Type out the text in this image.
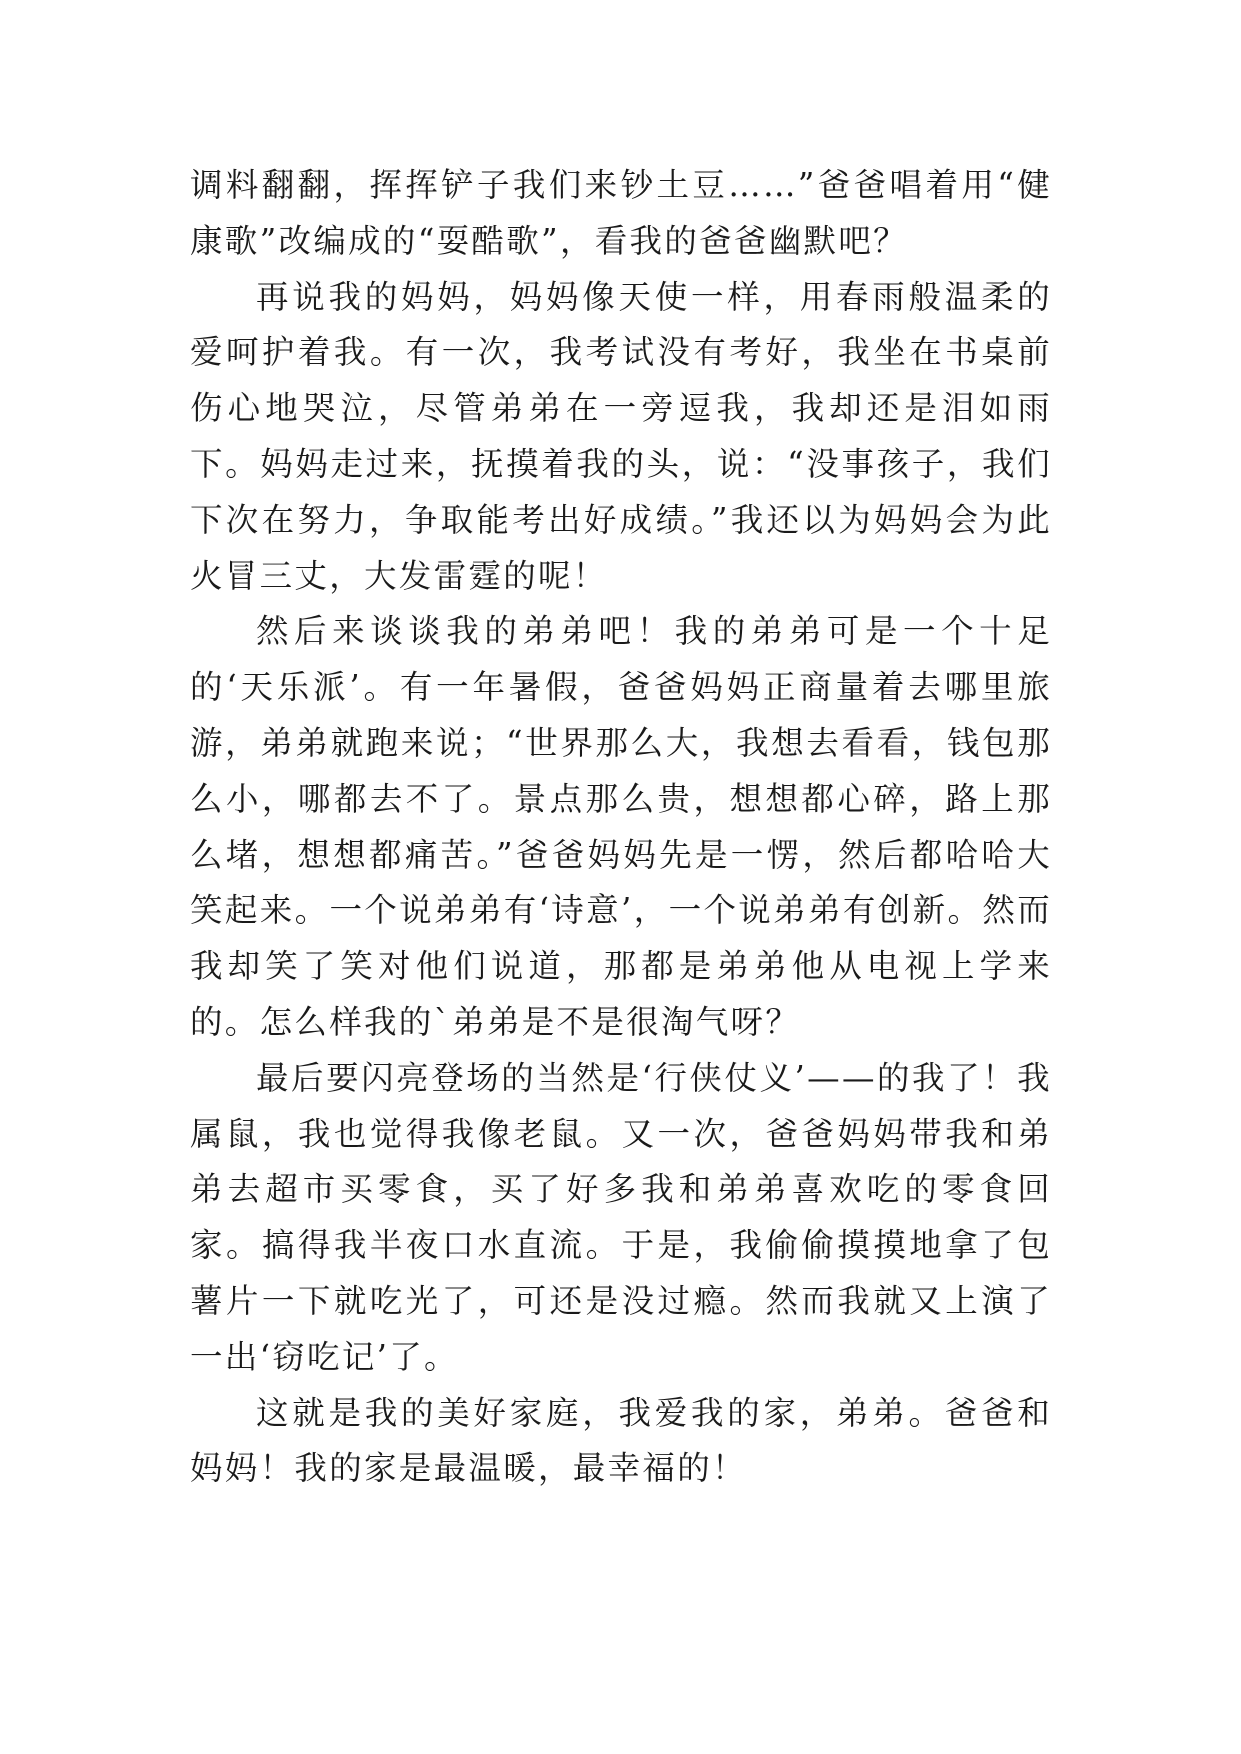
调料翻翻，挥挥铲子我们来钞土豆……”爸爸唱着用“健康歌”改编成的“耍酷歌”，看我的爸爸幽默吧？

再说我的妈妈，妈妈像天使一样，用春雨般温柔的爱呵护着我。有一次，我考试没有考好，我坐在书桌前伤心地哭泣，尽管弟弟在一旁逗我，我却还是泪如雨下。妈妈走过来，抚摸着我的头，说：“没事孩子，我们下次在努力，争取能考出好成绩。”我还以为妈妈会为此火冒三丈，大发雷霆的呢！

然后来谈谈我的弟弟吧！我的弟弟可是一个十足的‘天乐派’。有一年暑假，爸爸妈妈正商量着去哪里旅游，弟弟就跑来说；“世界那么大，我想去看看，钱包那么小，哪都去不了。景点那么贵，想想都心碎，路上那么堵，想想都痛苦。”爸爸妈妈先是一愣，然后都哈哈大笑起来。一个说弟弟有‘诗意’，一个说弟弟有创新。然而我却笑了笑对他们说道，那都是弟弟他从电视上学来的。怎么样我的`弟弟是不是很淘气呀？

最后要闪亮登场的当然是‘行侠仗义’——的我了！我属鼠，我也觉得我像老鼠。又一次，爸爸妈妈带我和弟弟去超市买零食，买了好多我和弟弟喜欢吃的零食回家。搞得我半夜口水直流。于是，我偷偷摸摸地拿了包薯片一下就吃光了，可还是没过瘾。然而我就又上演了一出‘窃吃记’了。

这就是我的美好家庭，我爱我的家，弟弟。爸爸和妈妈！我的家是最温暖，最幸福的！
